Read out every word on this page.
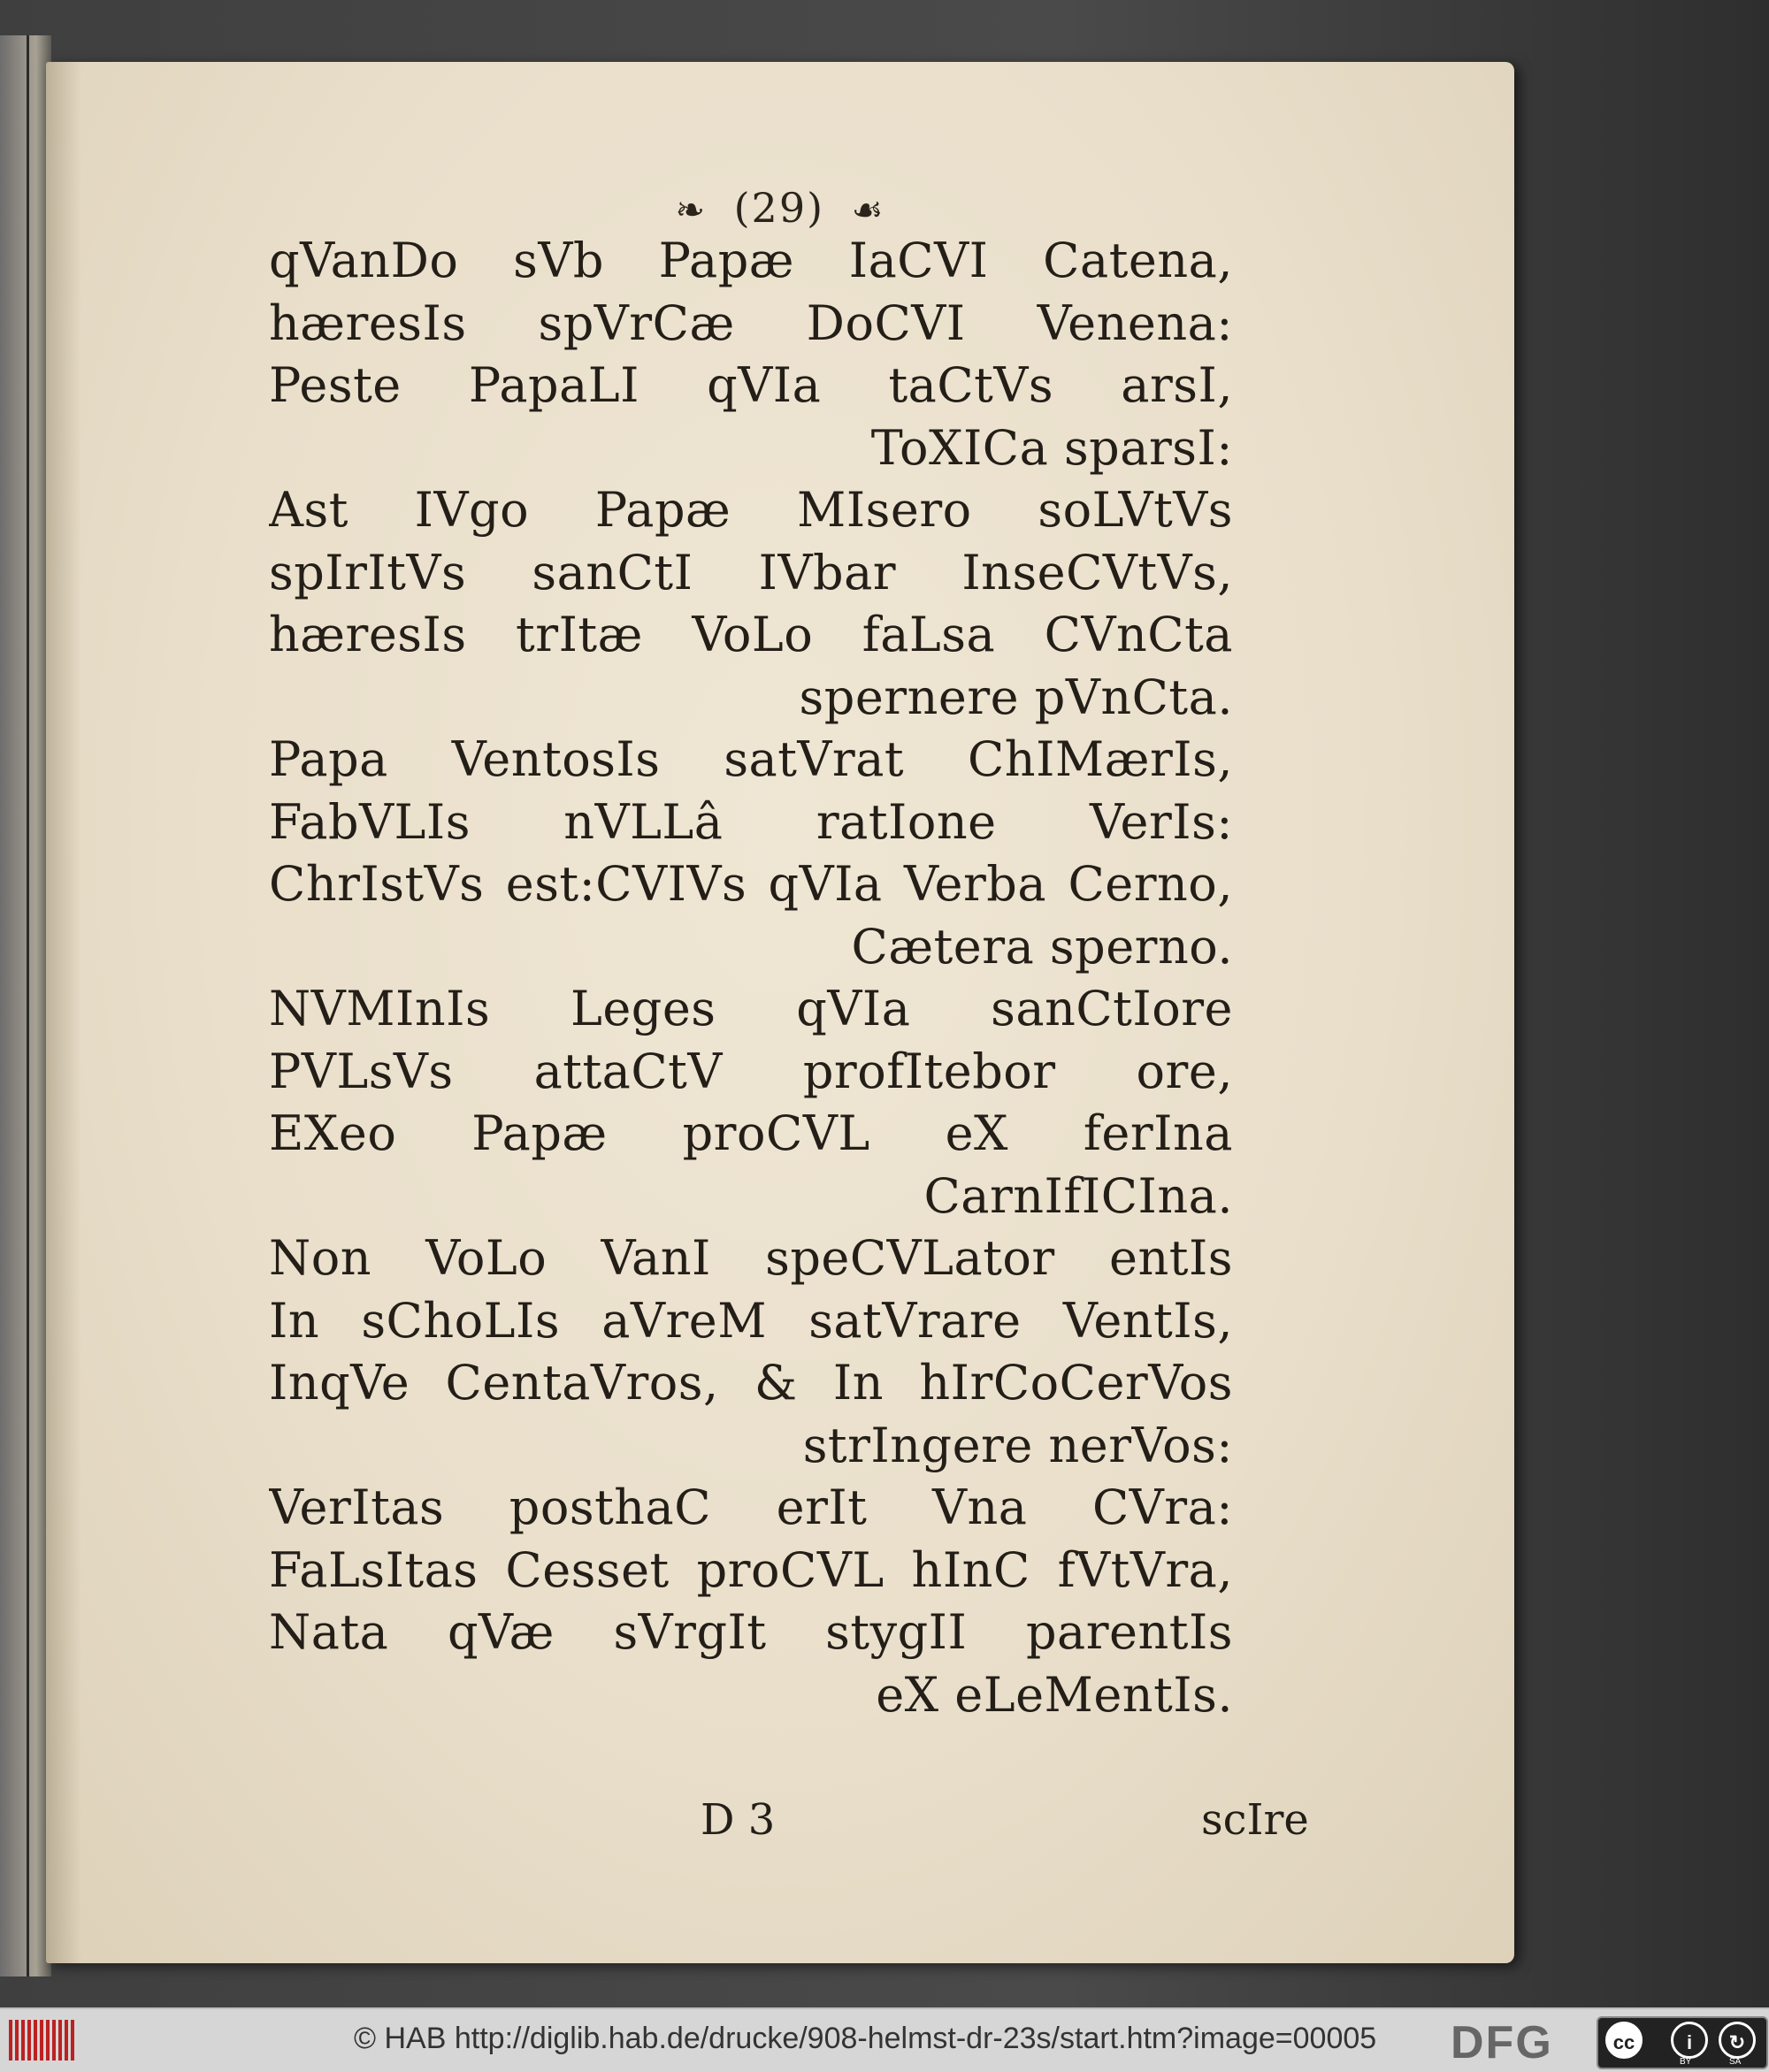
❧ (29) ☙
qVanDo sVb Papæ IaCVI Catena,
hæresIs spVrCæ DoCVI Venena:
Peste PapaLI qVIa taCtVs arsI,
ToXICa sparsI:
Ast IVgo Papæ MIsero soLVtVs
spIrItVs sanCtI IVbar InseCVtVs,
hæresIs trItæ VoLo faLsa CVnCta
spernere pVnCta.
Papa VentosIs satVrat ChIMærIs,
FabVLIs nVLLâ ratIone VerIs:
ChrIstVs est:CVIVs qVIa Verba Cerno,
Cætera sperno.
NVMInIs Leges qVIa sanCtIore
PVLsVs attaCtV profItebor ore,
EXeo Papæ proCVL eX ferIna
CarnIfICIna.
Non VoLo VanI speCVLator entIs
In sChoLIs aVreM satVrare VentIs,
InqVe CentaVros, & In hIrCoCerVos
strIngere nerVos:
VerItas posthaC erIt Vna CVra:
FaLsItas Cesset proCVL hInC fVtVra,
Nata qVæ sVrgIt stygII parentIs
eX eLeMentIs.
D 3	scIre
© HAB http://diglib.hab.de/drucke/908-helmst-dr-23s/start.htm?image=00005 DFG	cc	i	↻
BY	SA
